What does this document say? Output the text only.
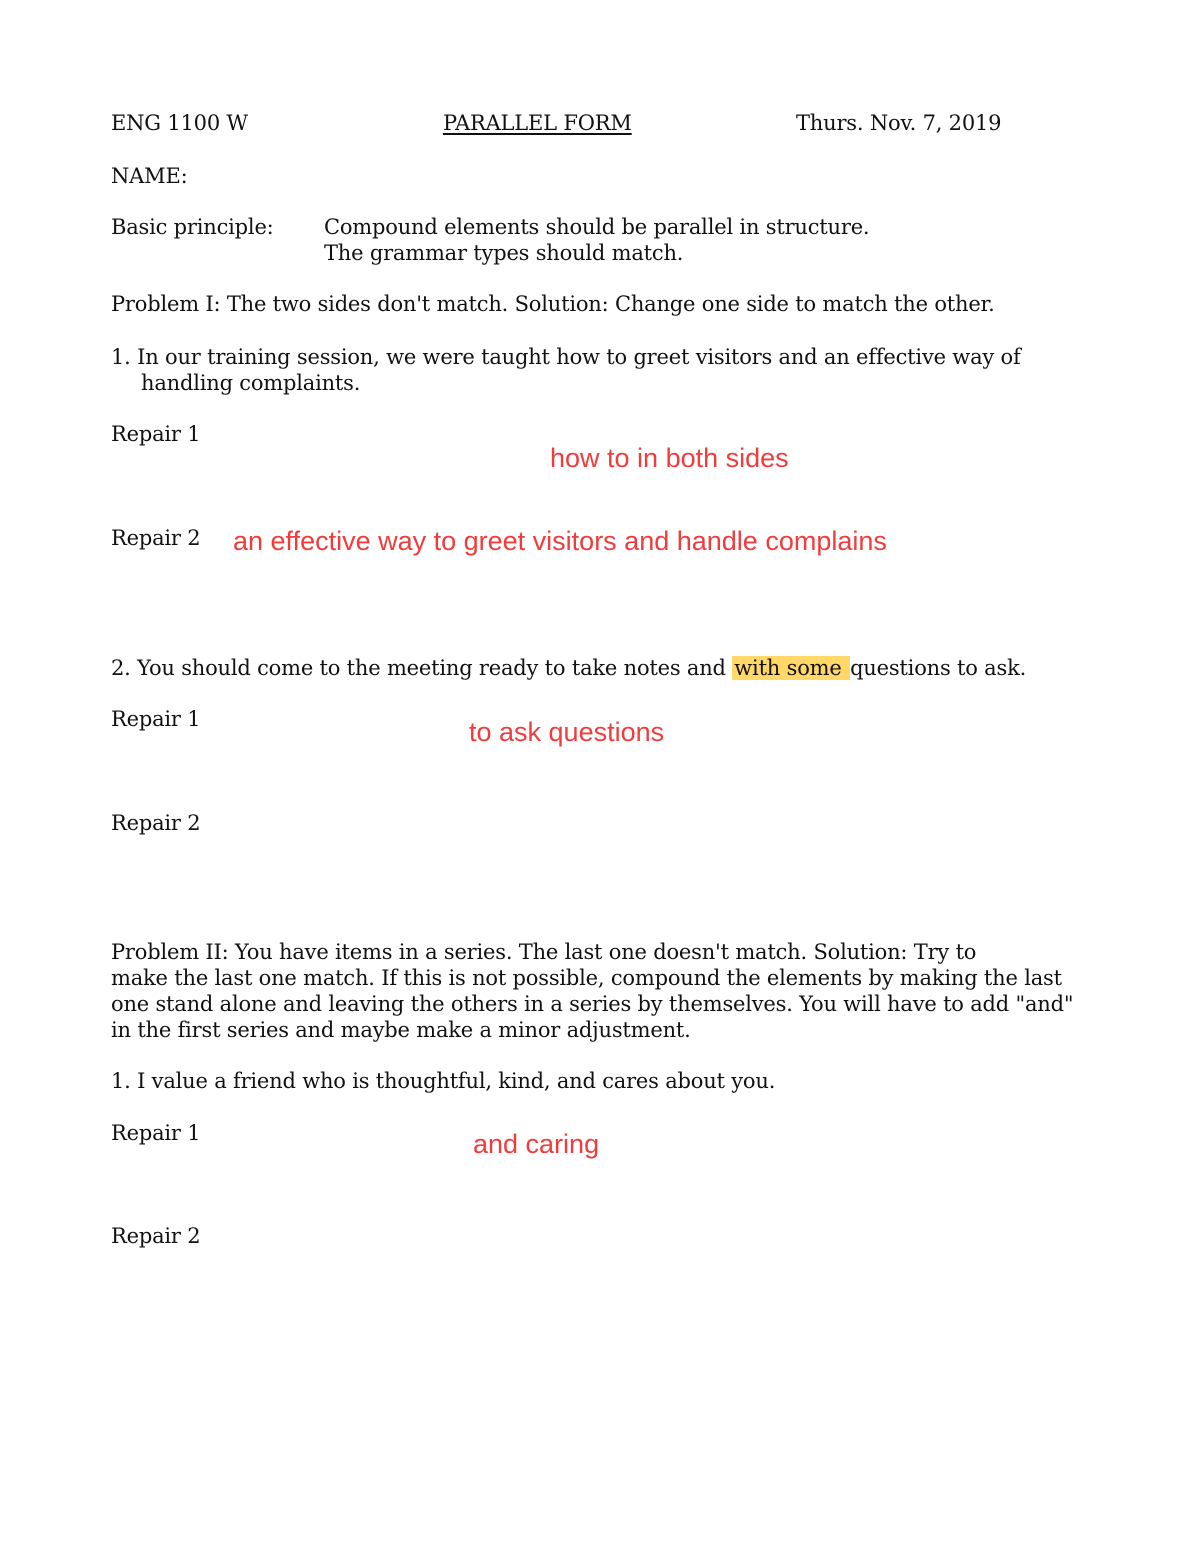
ENG 1100 W	PARALLEL FORM	Thurs. Nov. 7, 2019
NAME:
Basic principle: Compound elements should be parallel in structure.
The grammar types should match.
Problem I: The two sides don't match. Solution: Change one side to match the other.
1. In our training session, we were taught how to greet visitors and an effective way of
handling complaints.
Repair 1
how to in both sides
Repair 2 an effective way to greet visitors and handle complains
2. You should come to the meeting ready to take notes and with some questions to ask.
Repair 1	to ask questions
Repair 2
Problem II: You have items in a series. The last one doesn't match. Solution: Try to
make the last one match. If this is not possible, compound the elements by making the last
one stand alone and leaving the others in a series by themselves. You will have to add "and"
in the first series and maybe make a minor adjustment.
1. I value a friend who is thoughtful, kind, and cares about you.
Repair 1	and caring
Repair 2
